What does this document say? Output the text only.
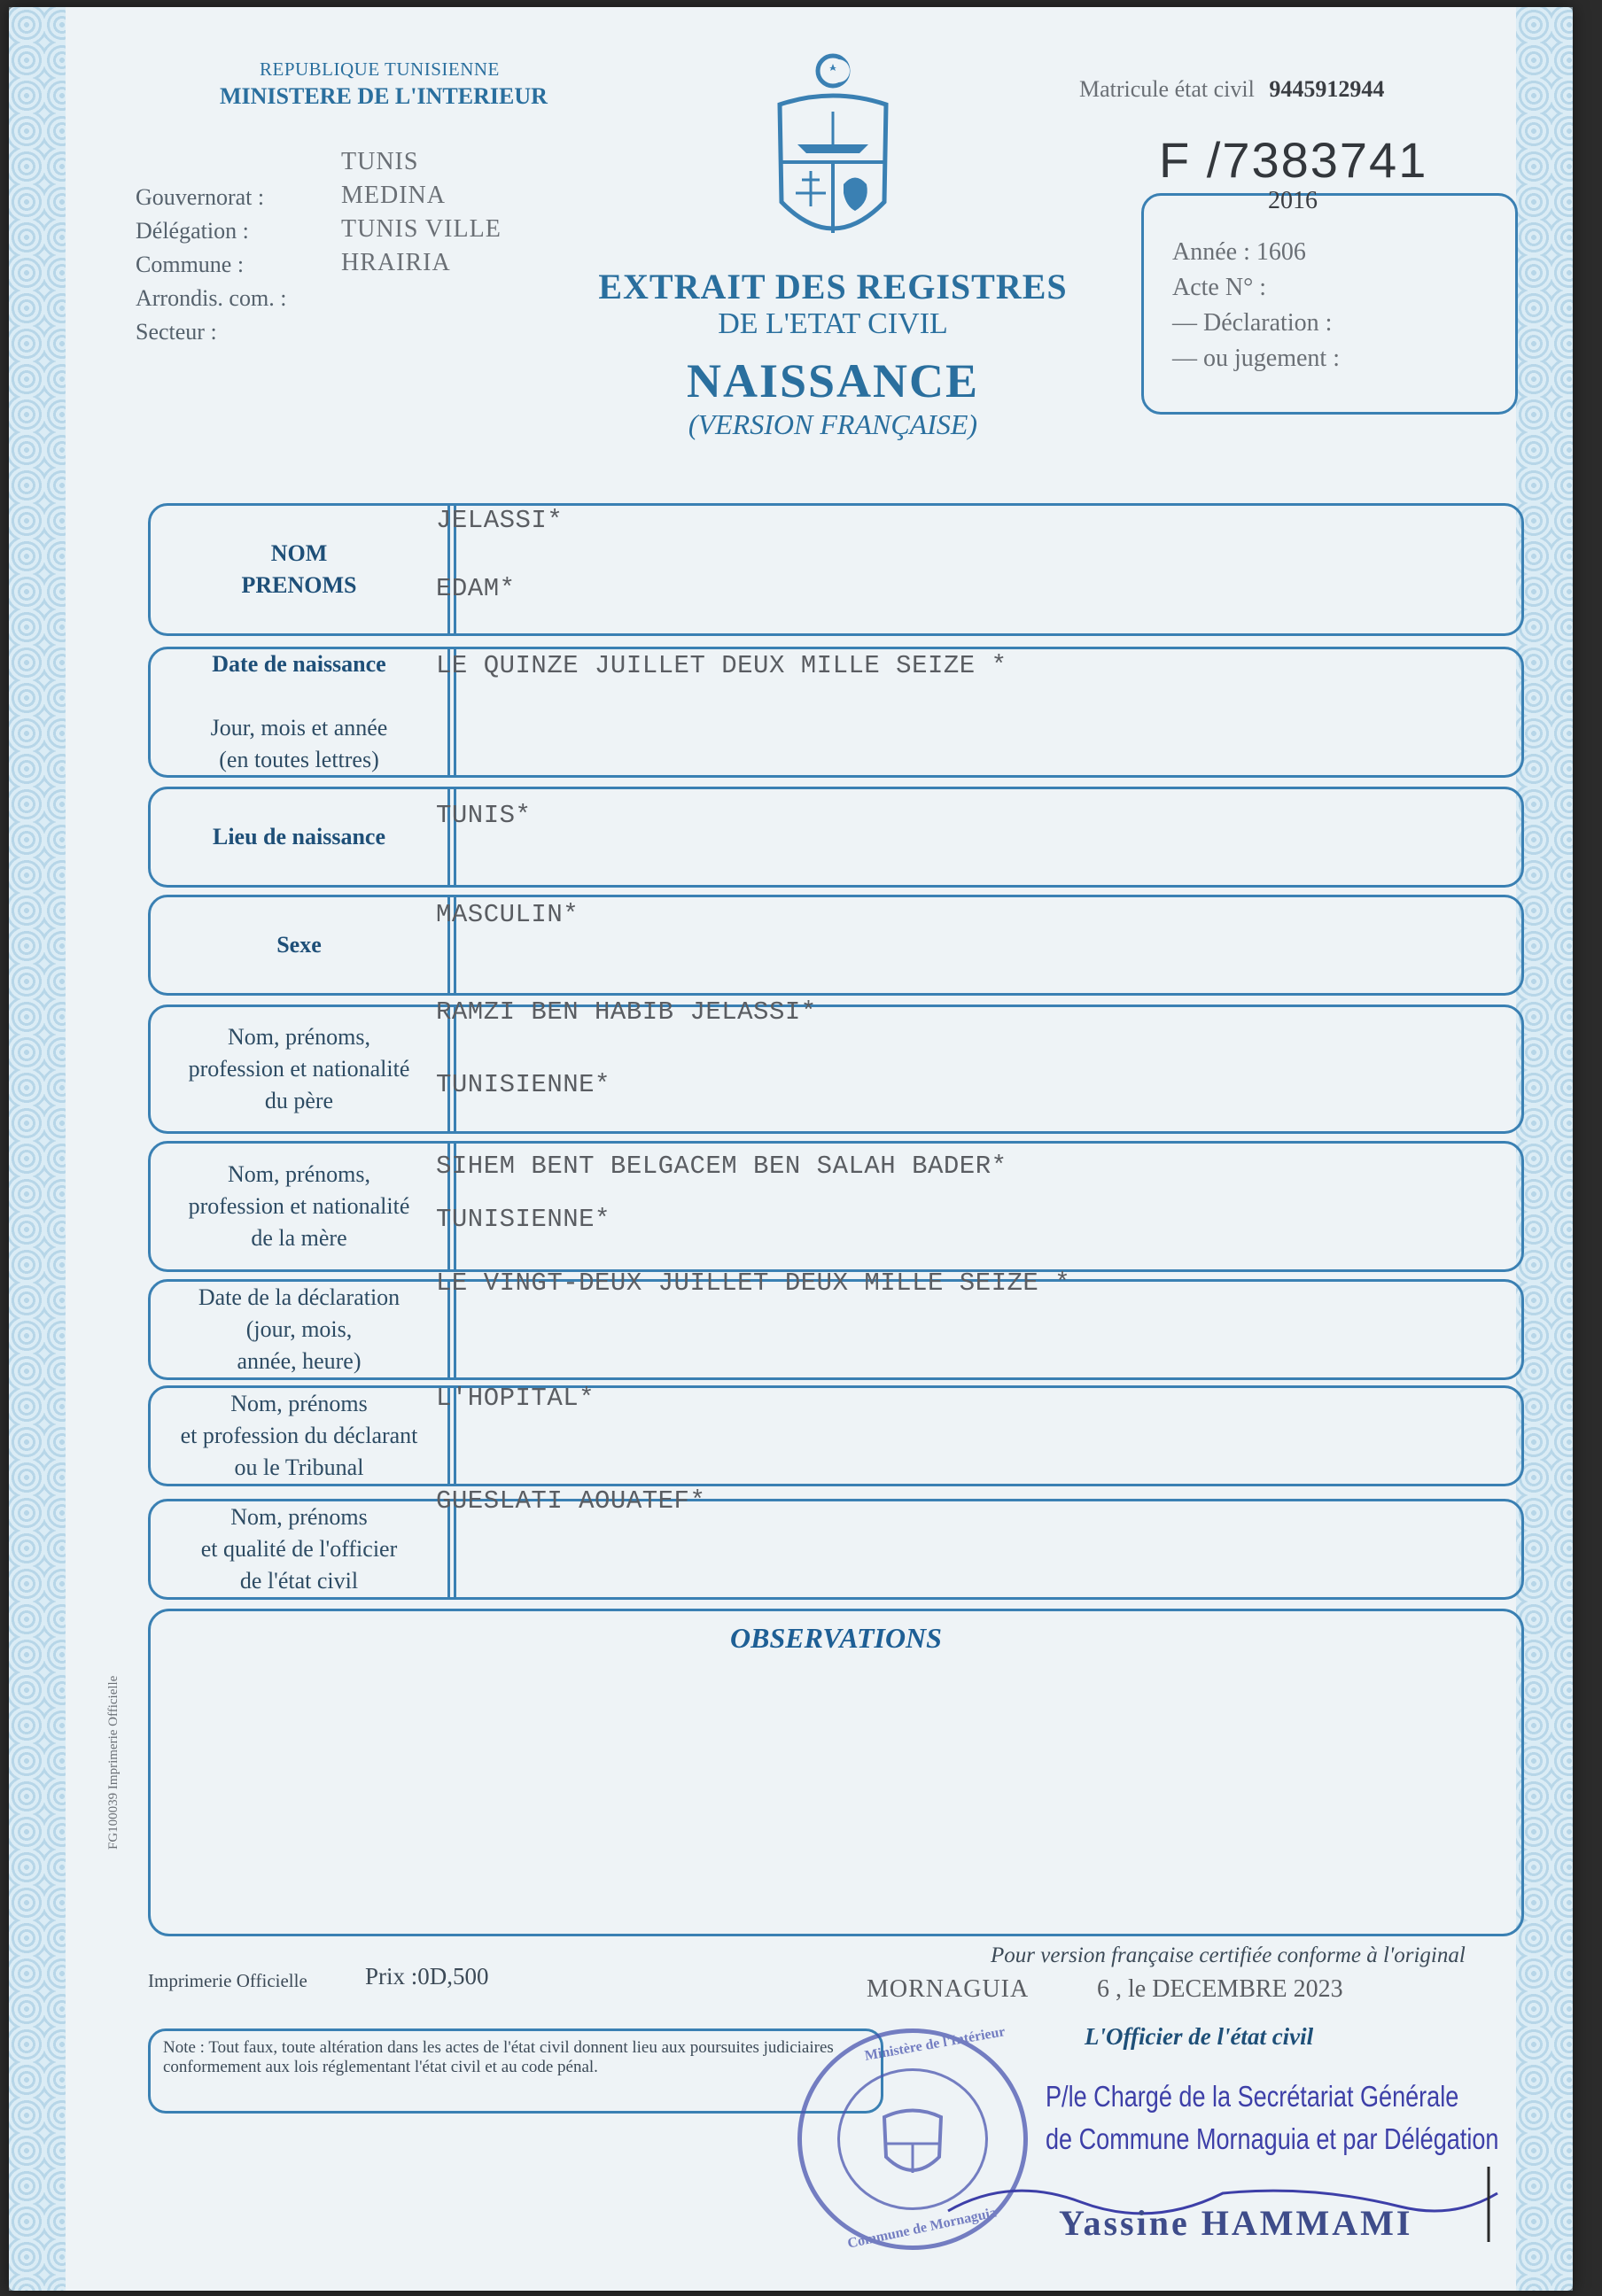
REPUBLIQUE TUNISIENNE
MINISTERE DE L'INTERIEUR	Matricule état civil 9445912944
F /7383741
Gouvernorat :
Délégation :
Commune :
Arrondis. com. :
Secteur :
TUNIS
MEDINA
TUNIS VILLE
HRAIRIA
EXTRAIT DES REGISTRES
DE L'ETAT CIVIL
NAISSANCE
(VERSION FRANÇAISE)
2016
Année : 1606
Acte N° :
— Déclaration :
— ou jugement :
NOM
PRENOMS
JELASSI*
EDAM*

Date de naissance

Jour, mois et année
(en toutes lettres)

LE QUINZE JUILLET DEUX MILLE SEIZE *
Lieu de naissance
TUNIS*
Sexe
MASCULIN*
Nom, prénoms,
profession et nationalité
du père
RAMZI BEN HABIB JELASSI*
TUNISIENNE*
Nom, prénoms,
profession et nationalité
de la mère
SIHEM BENT BELGACEM BEN SALAH BADER*
TUNISIENNE*
Date de la déclaration
(jour, mois,
année, heure)
LE VINGT-DEUX JUILLET DEUX MILLE SEIZE *
Nom, prénoms
et profession du déclarant
ou le Tribunal
L'HOPITAL*
Nom, prénoms
et qualité de l'officier
de l'état civil
GUESLATI AOUATEF*
OBSERVATIONS
FG100039 Imprimerie Officielle
Imprimerie Officielle Prix :0D,500
Pour version française certifiée conforme à l'original
MORNAGUIA	6 , le DECEMBRE 2023
L'Officier de l'état civil
Note : Tout faux, toute altération dans les actes de l'état civil donnent lieu aux poursuites judiciaires conformement aux lois réglementant l'état civil et au code pénal.
Ministère de l'Intérieur
Commune de Mornaguia
P/le Chargé de la Secrétariat Générale
de Commune Mornaguia et par Délégation
Yassine HAMMAMI
